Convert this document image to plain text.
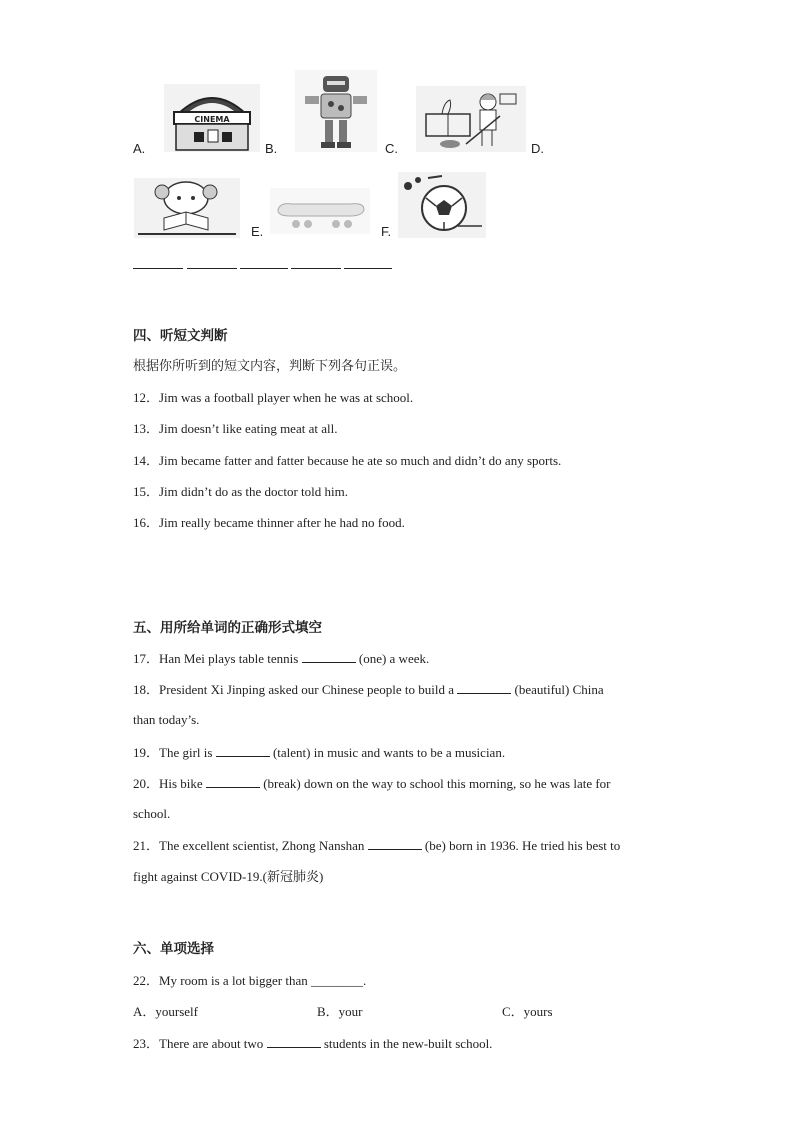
CINEMA
A.	B.	C.	D.
E.	F.
四、听短文判断
根据你所听到的短文内容，判断下列各句正误。
12．Jim was a football player when he was at school.
13．Jim doesn’t like eating meat at all.
14．Jim became fatter and fatter because he ate so much and didn’t do any sports.
15．Jim didn’t do as the doctor told him.
16．Jim really became thinner after he had no food.
五、用所给单词的正确形式填空
17．Han Mei plays table tennis	(one) a week.
18．President Xi Jinping asked our Chinese people to build a	(beautiful) China
than today’s.
19．The girl is	(talent) in music and wants to be a musician.
20．His bike	(break) down on the way to school this morning, so he was late for
school.
21．The excellent scientist, Zhong Nanshan	(be) born in 1936. He tried his best to
fight against COVID-19.(新冠肺炎)
六、单项选择
22．My room is a lot bigger than ________.
A．yourself	B．your	C．yours
23．There are about two	students in the new-built school.
